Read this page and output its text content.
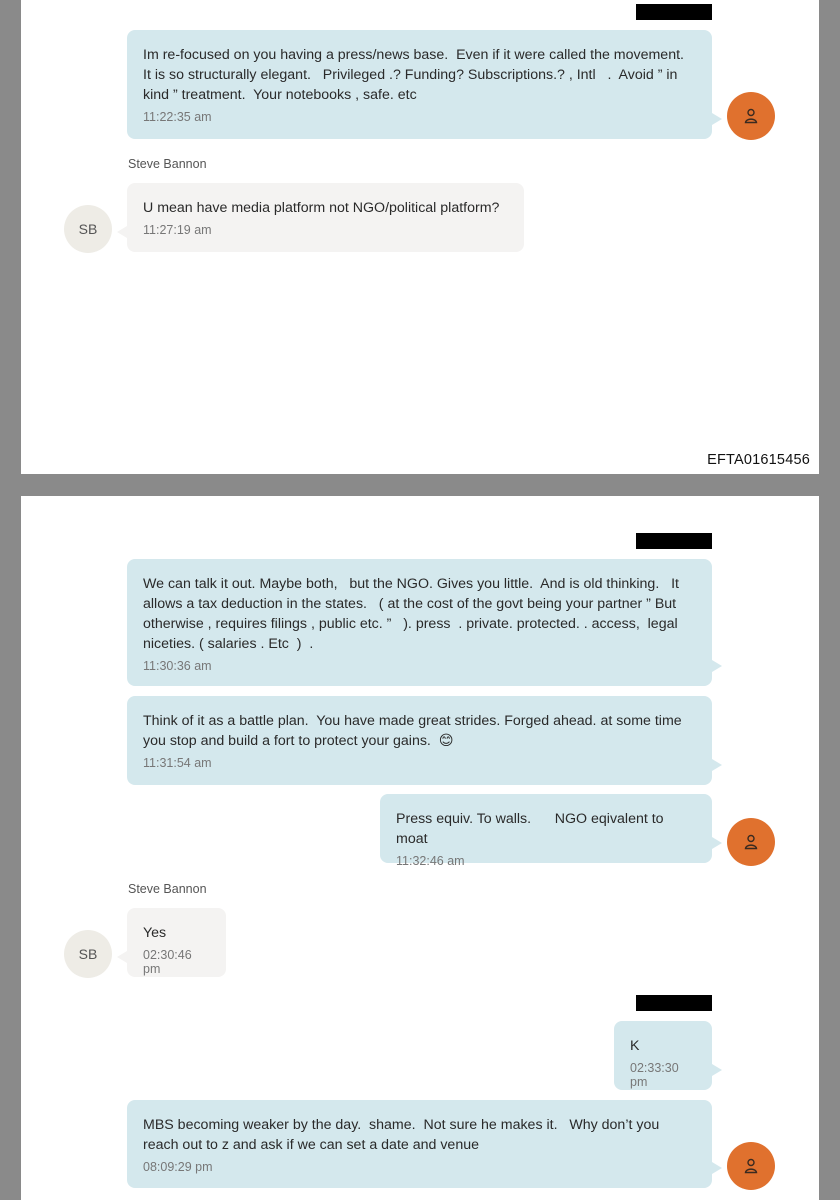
Im re-focused on you having a press/news base.  Even if it were called the movement.   It is so structurally elegant.   Privileged .? Funding? Subscriptions.? , Intl   .  Avoid ” in kind ” treatment.  Your notebooks , safe. etc
11:22:35 am
Steve Bannon
SB
U mean have media platform not NGO/political platform?
11:27:19 am
EFTA01615456
We can talk it out. Maybe both,   but the NGO. Gives you little.  And is old thinking.   It allows a tax deduction in the states.   ( at the cost of the govt being your partner ” But otherwise , requires filings , public etc. ”   ). press  . private. protected. . access,  legal niceties. ( salaries . Etc  )  .
11:30:36 am
Think of it as a battle plan.  You have made great strides. Forged ahead. at some time you stop and build a fort to protect your gains.  😊
11:31:54 am
Press equiv. To walls.      NGO eqivalent to moat
11:32:46 am
Steve Bannon
SB
Yes
02:30:46 pm
K
02:33:30 pm
MBS becoming weaker by the day.  shame.  Not sure he makes it.   Why don’t you reach out to z and ask if we can set a date and venue
08:09:29 pm
